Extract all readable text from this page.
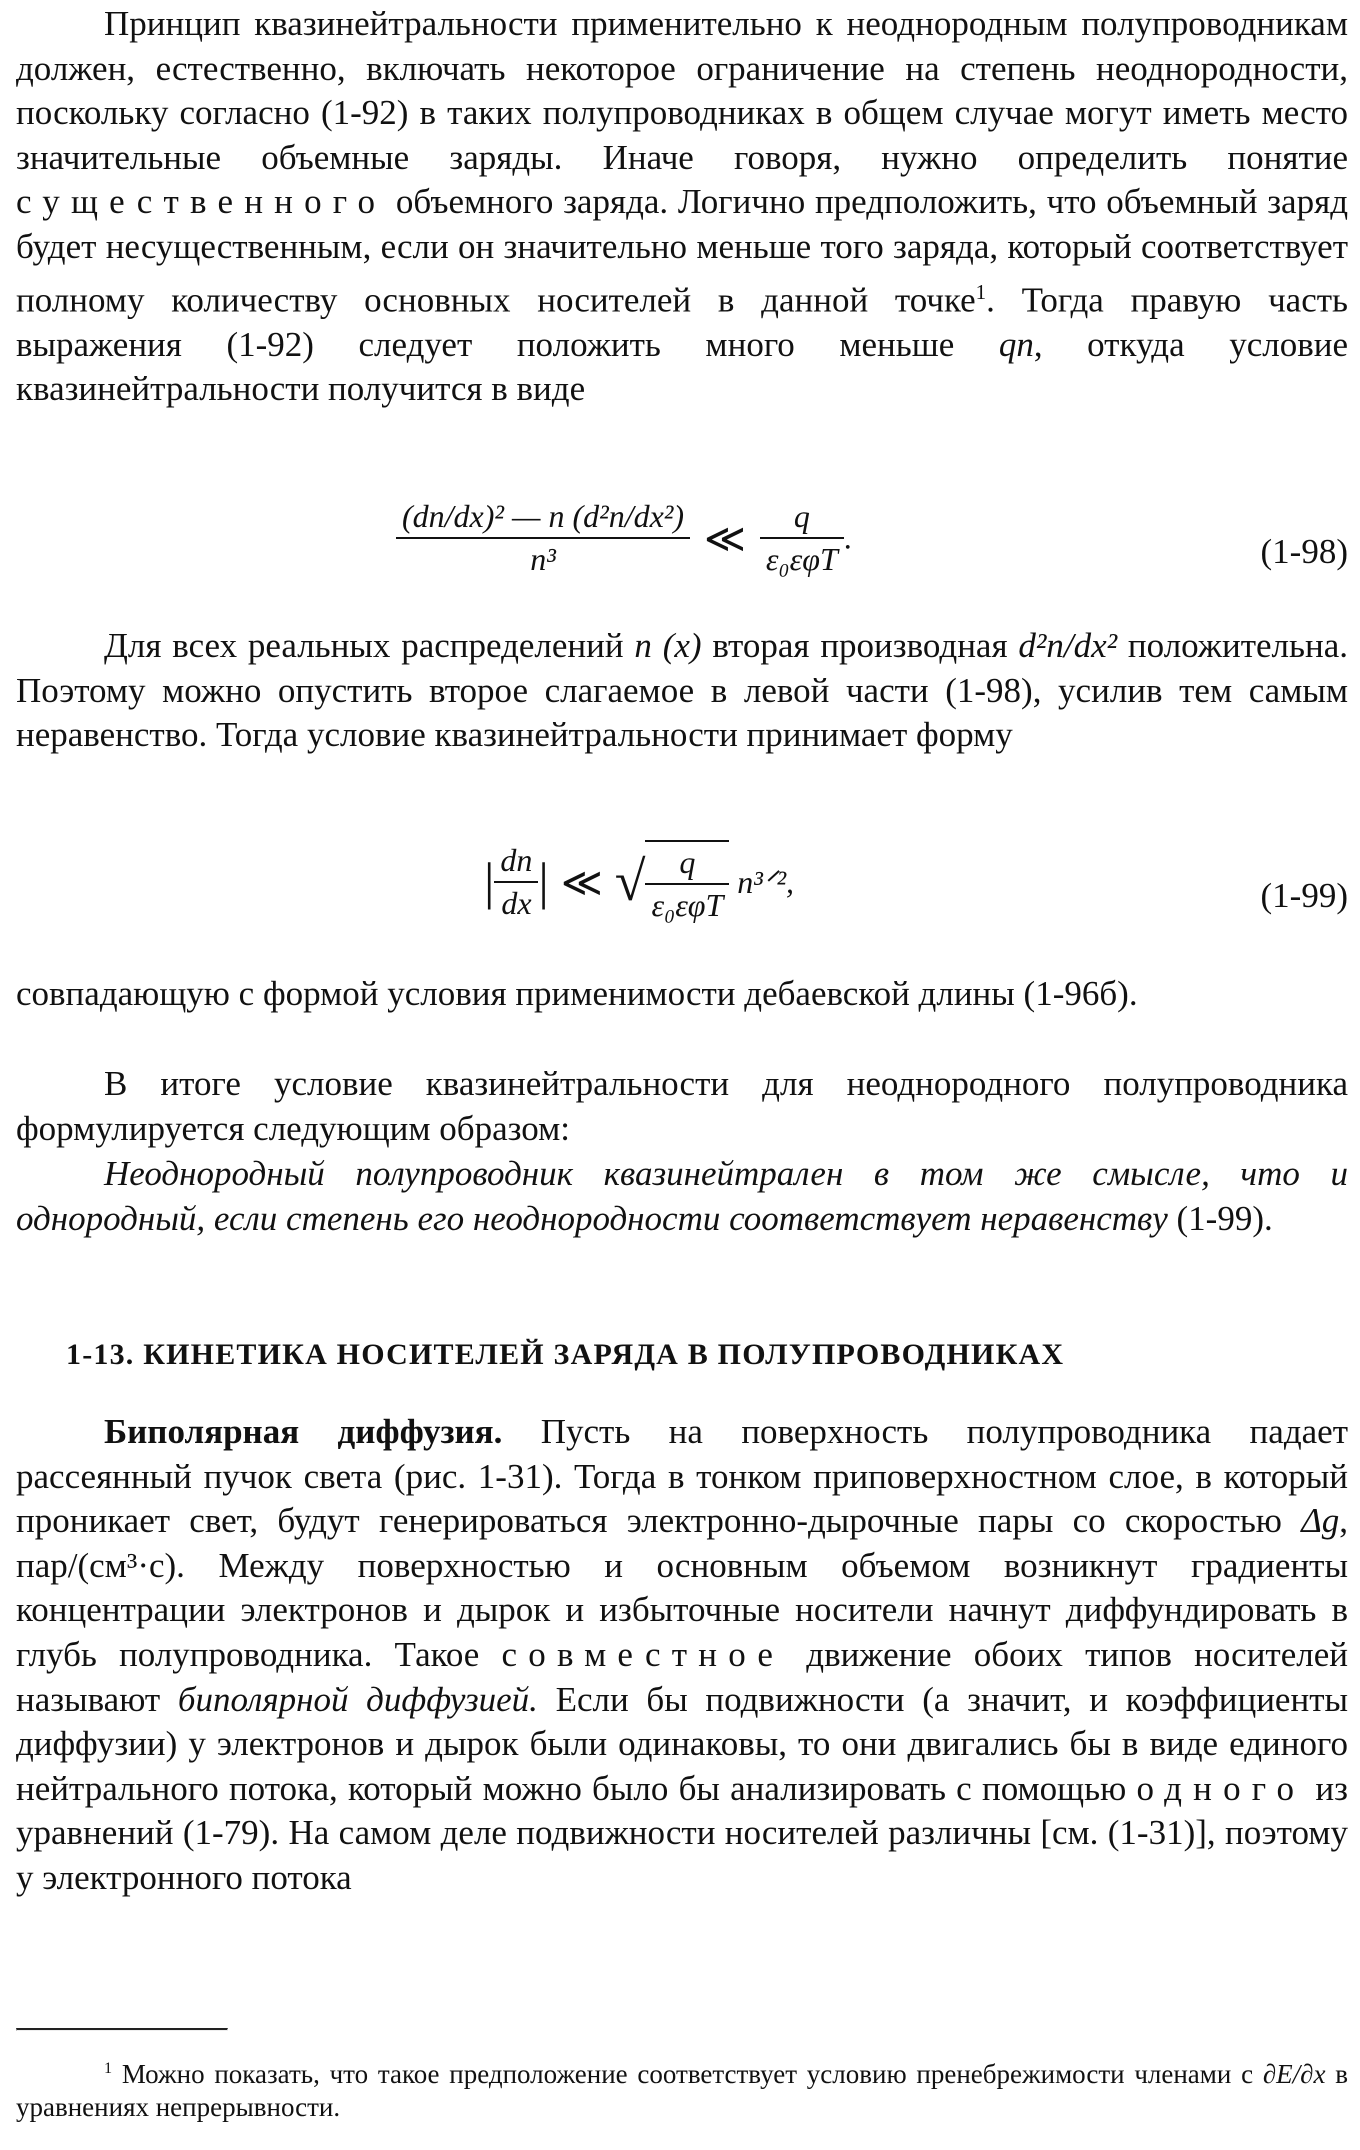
Принцип квазинейтральности применительно к неоднородным полупроводникам должен, естественно, включать некоторое ограничение на степень неоднородности, поскольку согласно (1-92) в таких полупроводниках в общем случае могут иметь место значительные объемные заряды. Иначе говоря, нужно определить понятие существенного объемного заряда. Логично предположить, что объемный заряд будет несущественным, если он значительно меньше того заряда, который соответствует полному количеству основных носителей в данной точке$^1$. Тогда правую часть выражения (1-92) следует положить много меньше qn, откуда условие квазинейтральности получится в виде

$\frac{\text{(dn/dx)² — n (d²n/dx²)}}{\text{n³}}$ ≪ $\frac{q}{\text{ε₀εφT}}$ .	(1-98)

Для всех реальных распределений n (x) вторая производная d²n/dx² положительна. Поэтому можно опустить второе слагаемое в левой части (1-98), усилив тем самым неравенство. Тогда условие квазинейтральности принимает форму

| $\frac{dn}{dx}$ | ≪ √ $\frac{q}{\text{ε₀εφT}}$ n³ᐟ²,	(1-99)

совпадающую с формой условия применимости дебаевской длины (1-96б).

В итоге условие квазинейтральности для неоднородного полупроводника формулируется следующим образом:

Неоднородный полупроводник квазинейтрален в том же смысле, что и однородный, если степень его неоднородности соответствует неравенству (1-99).

1-13. КИНЕТИКА НОСИТЕЛЕЙ ЗАРЯДА В ПОЛУПРОВОДНИКАХ

Биполярная диффузия. Пусть на поверхность полупроводника падает рассеянный пучок света (рис. 1-31). Тогда в тонком приповерхностном слое, в который проникает свет, будут генерироваться электронно-дырочные пары со скоростью Δg, пар/(см³·с). Между поверхностью и основным объемом возникнут градиенты концентрации электронов и дырок и избыточные носители начнут диффундировать в глубь полупроводника. Такое совместное движение обоих типов носителей называют биполярной диффузией. Если бы подвижности (а значит, и коэффициенты диффузии) у электронов и дырок были одинаковы, то они двигались бы в виде единого нейтрального потока, который можно было бы анализировать с помощью одного из уравнений (1-79). На самом деле подвижности носителей различны [см. (1-31)], поэтому у электронного потока

$^1$ Можно показать, что такое предположение соответствует условию пренебрежимости членами с ∂E/∂x в уравнениях непрерывности.
